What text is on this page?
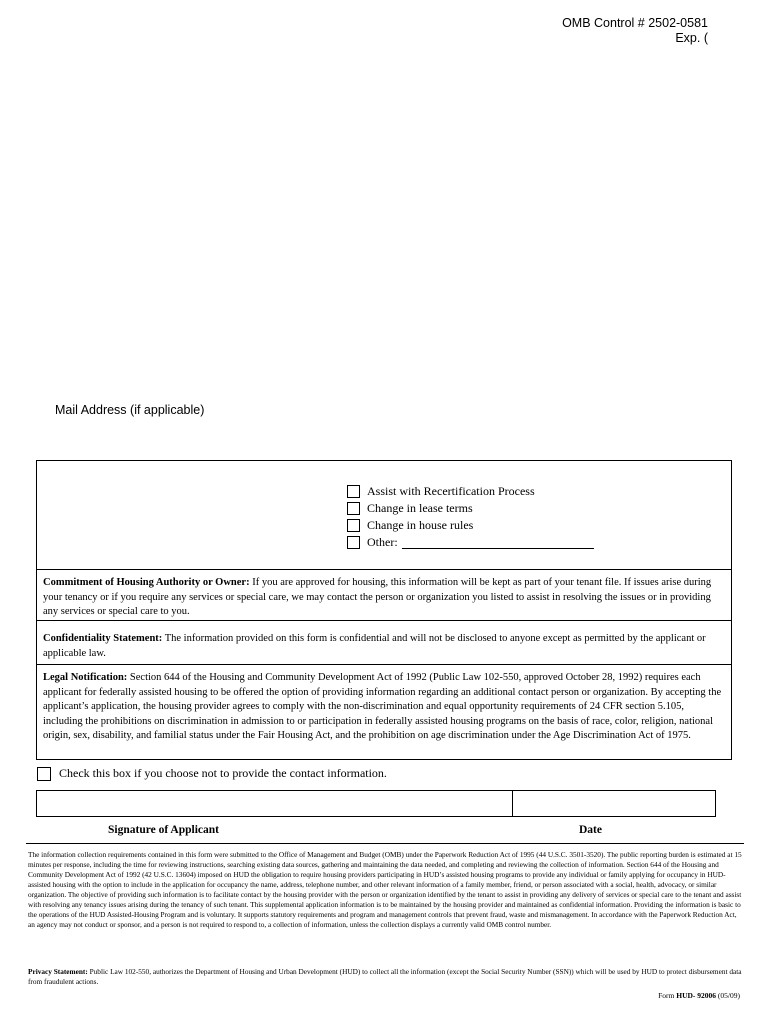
OMB Control # 2502-0581
Exp. (
Mail Address (if applicable)
Assist with Recertification Process
Change in lease terms
Change in house rules
Other:
Commitment of Housing Authority or Owner: If you are approved for housing, this information will be kept as part of your tenant file. If issues arise during your tenancy or if you require any services or special care, we may contact the person or organization you listed to assist in resolving the issues or in providing any services or special care to you.
Confidentiality Statement: The information provided on this form is confidential and will not be disclosed to anyone except as permitted by the applicant or applicable law.
Legal Notification: Section 644 of the Housing and Community Development Act of 1992 (Public Law 102-550, approved October 28, 1992) requires each applicant for federally assisted housing to be offered the option of providing information regarding an additional contact person or organization. By accepting the applicant’s application, the housing provider agrees to comply with the non-discrimination and equal opportunity requirements of 24 CFR section 5.105, including the prohibitions on discrimination in admission to or participation in federally assisted housing programs on the basis of race, color, religion, national origin, sex, disability, and familial status under the Fair Housing Act, and the prohibition on age discrimination under the Age Discrimination Act of 1975.
Check this box if you choose not to provide the contact information.
Signature of Applicant	Date
The information collection requirements contained in this form were submitted to the Office of Management and Budget (OMB) under the Paperwork Reduction Act of 1995 (44 U.S.C. 3501-3520). The public reporting burden is estimated at 15 minutes per response, including the time for reviewing instructions, searching existing data sources, gathering and maintaining the data needed, and completing and reviewing the collection of information. Section 644 of the Housing and Community Development Act of 1992 (42 U.S.C. 13604) imposed on HUD the obligation to require housing providers participating in HUD’s assisted housing programs to provide any individual or family applying for occupancy in HUD-assisted housing with the option to include in the application for occupancy the name, address, telephone number, and other relevant information of a family member, friend, or person associated with a social, health, advocacy, or similar organization. The objective of providing such information is to facilitate contact by the housing provider with the person or organization identified by the tenant to assist in providing any delivery of services or special care to the tenant and assist with resolving any tenancy issues arising during the tenancy of such tenant. This supplemental application information is to be maintained by the housing provider and maintained as confidential information. Providing the information is basic to the operations of the HUD Assisted-Housing Program and is voluntary. It supports statutory requirements and program and management controls that prevent fraud, waste and mismanagement. In accordance with the Paperwork Reduction Act, an agency may not conduct or sponsor, and a person is not required to respond to, a collection of information, unless the collection displays a currently valid OMB control number.
Privacy Statement: Public Law 102-550, authorizes the Department of Housing and Urban Development (HUD) to collect all the information (except the Social Security Number (SSN)) which will be used by HUD to protect disbursement data from fraudulent actions.
Form HUD- 92006 (05/09)
